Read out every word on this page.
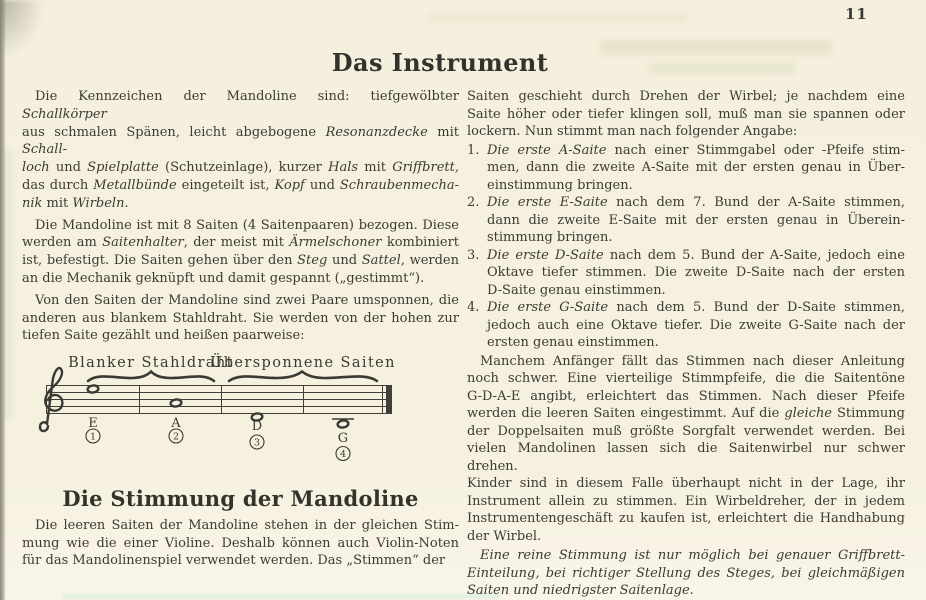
11
Das Instrument
Die Kennzeichen der Mandoline sind: tiefgewölbter Schallkörper
aus schmalen Spänen, leicht abgebogene Resonanzdecke mit Schall-
loch und Spielplatte (Schutzeinlage), kurzer Hals mit Griffbrett,
das durch Metallbünde eingeteilt ist, Kopf und Schraubenmecha-
nik mit Wirbeln.
Die Mandoline ist mit 8 Saiten (4 Saitenpaaren) bezogen. Diese
werden am Saitenhalter, der meist mit Ärmelschoner kombiniert
ist, befestigt. Die Saiten gehen über den Steg und Sattel, werden
an die Mechanik geknüpft und damit gespannt („gestimmt“).
Von den Saiten der Mandoline sind zwei Paare umsponnen, die
anderen aus blankem Stahldraht. Sie werden von der hohen zur
tiefen Saite gezählt und heißen paarweise:
Blanker Stahldraht
Übersponnene Saiten
E	A	D
G
1	2
3
4
Die Stimmung der Mandoline
Die leeren Saiten der Mandoline stehen in der gleichen Stim-
mung wie die einer Violine. Deshalb können auch Violin-Noten
für das Mandolinenspiel verwendet werden. Das „Stimmen“ der
Saiten geschieht durch Drehen der Wirbel; je nachdem eine
Saite höher oder tiefer klingen soll, muß man sie spannen oder
lockern. Nun stimmt man nach folgender Angabe:
1. Die erste A-Saite nach einer Stimmgabel oder -Pfeife stim-
men, dann die zweite A-Saite mit der ersten genau in Über-
einstimmung bringen.
2. Die erste E-Saite nach dem 7. Bund der A-Saite stimmen,
dann die zweite E-Saite mit der ersten genau in Überein-
stimmung bringen.
3. Die erste D-Saite nach dem 5. Bund der A-Saite, jedoch eine
Oktave tiefer stimmen. Die zweite D-Saite nach der ersten
D-Saite genau einstimmen.
4. Die erste G-Saite nach dem 5. Bund der D-Saite stimmen,
jedoch auch eine Oktave tiefer. Die zweite G-Saite nach der
ersten genau einstimmen.
Manchem Anfänger fällt das Stimmen nach dieser Anleitung
noch schwer. Eine vierteilige Stimmpfeife, die die Saitentöne
G-D-A-E angibt, erleichtert das Stimmen. Nach dieser Pfeife
werden die leeren Saiten eingestimmt. Auf die gleiche Stimmung
der Doppelsaiten muß größte Sorgfalt verwendet werden. Bei
vielen Mandolinen lassen sich die Saitenwirbel nur schwer drehen.
Kinder sind in diesem Falle überhaupt nicht in der Lage, ihr
Instrument allein zu stimmen. Ein Wirbeldreher, der in jedem
Instrumentengeschäft zu kaufen ist, erleichtert die Handhabung
der Wirbel.
Eine reine Stimmung ist nur möglich bei genauer Griffbrett-
Einteilung, bei richtiger Stellung des Steges, bei gleichmäßigen
Saiten und niedrigster Saitenlage.
